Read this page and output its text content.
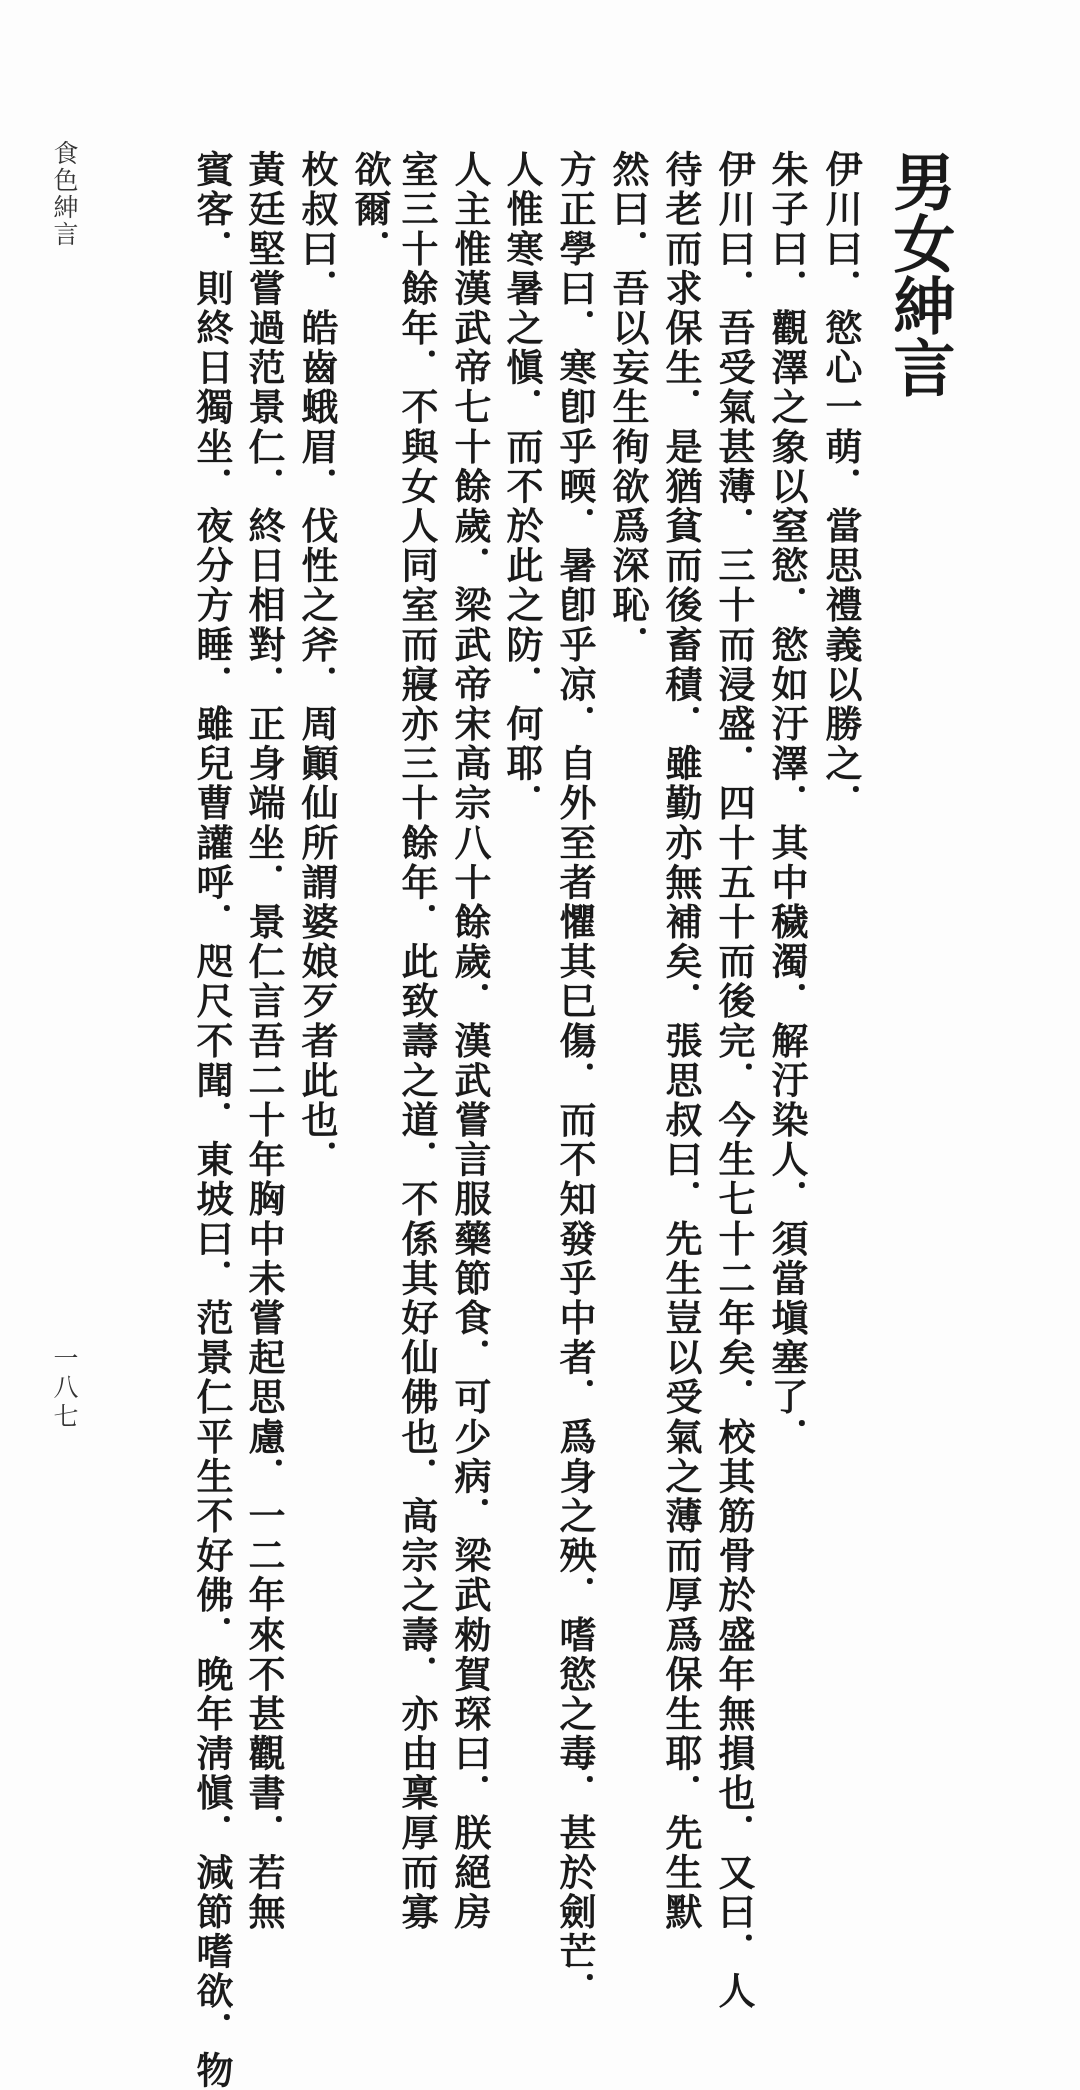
食色紳言
一八七
男女紳言
伊川曰．慾心一萌．當思禮義以勝之．
朱子曰．觀澤之象以窒慾．慾如汙澤．其中穢濁．解汙染人．須當塡塞了．
伊川曰．吾受氣甚薄．三十而浸盛．四十五十而後完．今生七十二年矣．校其筋骨於盛年無損也．又曰．人
待老而求保生．是猶貧而後畜積．雖勤亦無補矣．張思叔曰．先生豈以受氣之薄而厚爲保生耶．先生默
然曰．吾以妄生徇欲爲深恥．
方正學曰．寒卽乎㬉．暑卽乎凉．自外至者懼其巳傷．而不知發乎中者．爲身之殃．嗜慾之毒．甚於劍芒．
人惟寒暑之愼．而不於此之防．何耶．
人主惟漢武帝七十餘歲．梁武帝宋高宗八十餘歲．漢武嘗言服藥節食．可少病．梁武勑賀琛曰．朕絕房
室三十餘年．不與女人同室而寢亦三十餘年．此致壽之道．不係其好仙佛也．高宗之壽．亦由稟厚而寡
欲爾．
枚叔曰．皓齒蛾眉．伐性之斧．周顚仙所謂婆娘歹者此也．
黃廷堅嘗過范景仁．終日相對．正身端坐．景仁言吾二十年胸中未嘗起思慮．一二年來不甚觀書．若無
賓客．則終日獨坐．夜分方睡．雖兒曹讙呼．咫尺不聞．東坡曰．范景仁平生不好佛．晚年淸愼．減節嗜欲．物
